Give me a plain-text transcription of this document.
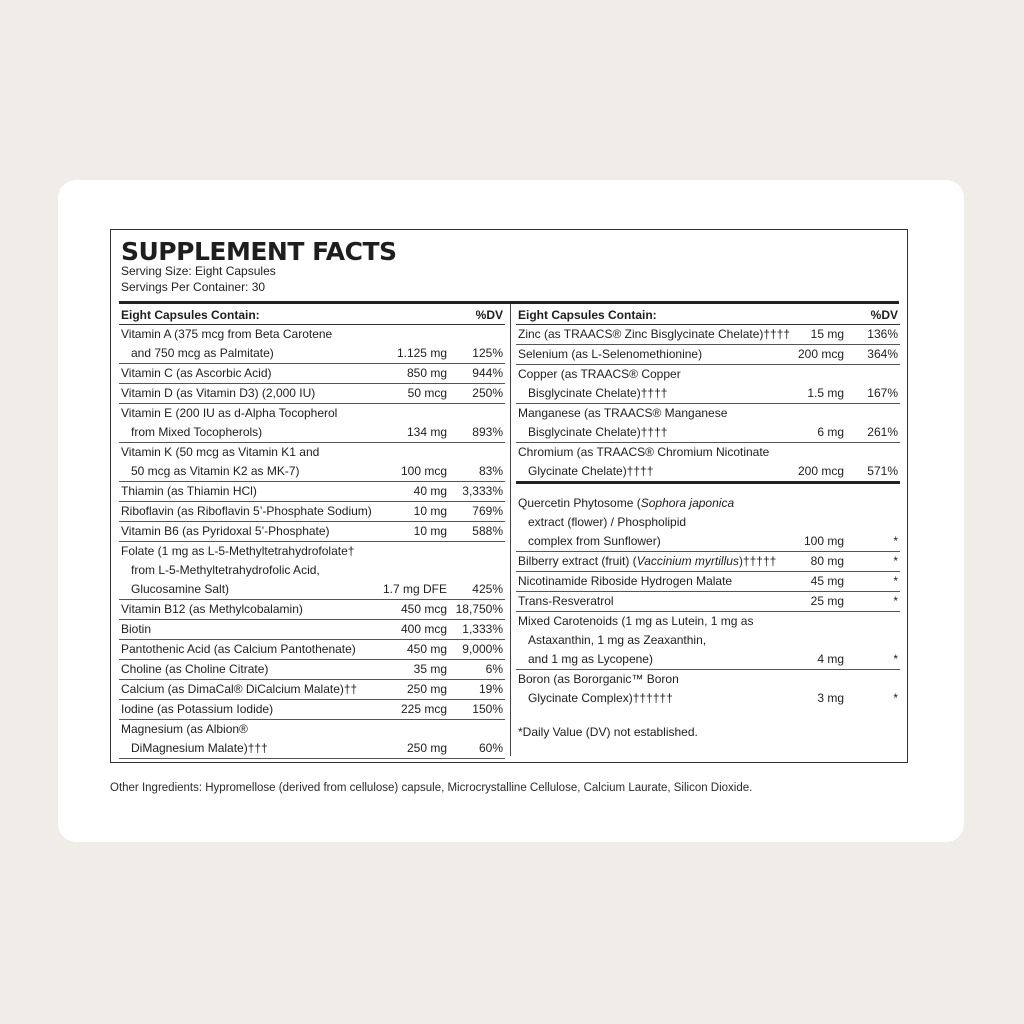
SUPPLEMENT FACTS
Serving Size: Eight Capsules
Servings Per Container: 30
Eight Capsules Contain:	%DV
Vitamin A (375 mcg from Beta Carotene
and 750 mcg as Palmitate)	1.125 mg 125%
Vitamin C (as Ascorbic Acid)	850 mg 944%
Vitamin D (as Vitamin D3) (2,000 IU)	50 mcg 250%
Vitamin E (200 IU as d-Alpha Tocopherol
from Mixed Tocopherols)	134 mg 893%
Vitamin K (50 mcg as Vitamin K1 and
50 mcg as Vitamin K2 as MK-7)	100 mcg	83%
Thiamin (as Thiamin HCl)	40 mg 3,333%
Riboflavin (as Riboflavin 5’-Phosphate Sodium)	10 mg 769%
Vitamin B6 (as Pyridoxal 5’-Phosphate)	10 mg 588%
Folate (1 mg as L-5-Methyltetrahydrofolate†
from L-5-Methyltetrahydrofolic Acid,
Glucosamine Salt)	1.7 mg DFE 425%
Vitamin B12 (as Methylcobalamin)	450 mcg 18,750%
Biotin	400 mcg 1,333%
Pantothenic Acid (as Calcium Pantothenate)	450 mg 9,000%
Choline (as Choline Citrate)	35 mg	6%
Calcium (as DimaCal® DiCalcium Malate)††	250 mg	19%
Iodine (as Potassium Iodide)	225 mcg 150%
Magnesium (as Albion®
DiMagnesium Malate)†††	250 mg	60%
Eight Capsules Contain:	%DV
Zinc (as TRAACS® Zinc Bisglycinate Chelate)††††	15 mg 136%
Selenium (as L-Selenomethionine)	200 mcg 364%
Copper (as TRAACS® Copper
Bisglycinate Chelate)††††	1.5 mg 167%
Manganese (as TRAACS® Manganese
Bisglycinate Chelate)††††	6 mg 261%
Chromium (as TRAACS® Chromium Nicotinate
Glycinate Chelate)††††	200 mcg 571%
Quercetin Phytosome (Sophora japonica
extract (flower) / Phospholipid
complex from Sunflower)	100 mg	*
Bilberry extract (fruit) (Vaccinium myrtillus)†††††	80 mg	*
Nicotinamide Riboside Hydrogen Malate	45 mg	*
Trans-Resveratrol	25 mg	*
Mixed Carotenoids (1 mg as Lutein, 1 mg as
Astaxanthin, 1 mg as Zeaxanthin,
and 1 mg as Lycopene)	4 mg	*
Boron (as Bororganic™ Boron
Glycinate Complex)††††††	3 mg	*
*Daily Value (DV) not established.
Other Ingredients: Hypromellose (derived from cellulose) capsule, Microcrystalline Cellulose, Calcium Laurate, Silicon Dioxide.
